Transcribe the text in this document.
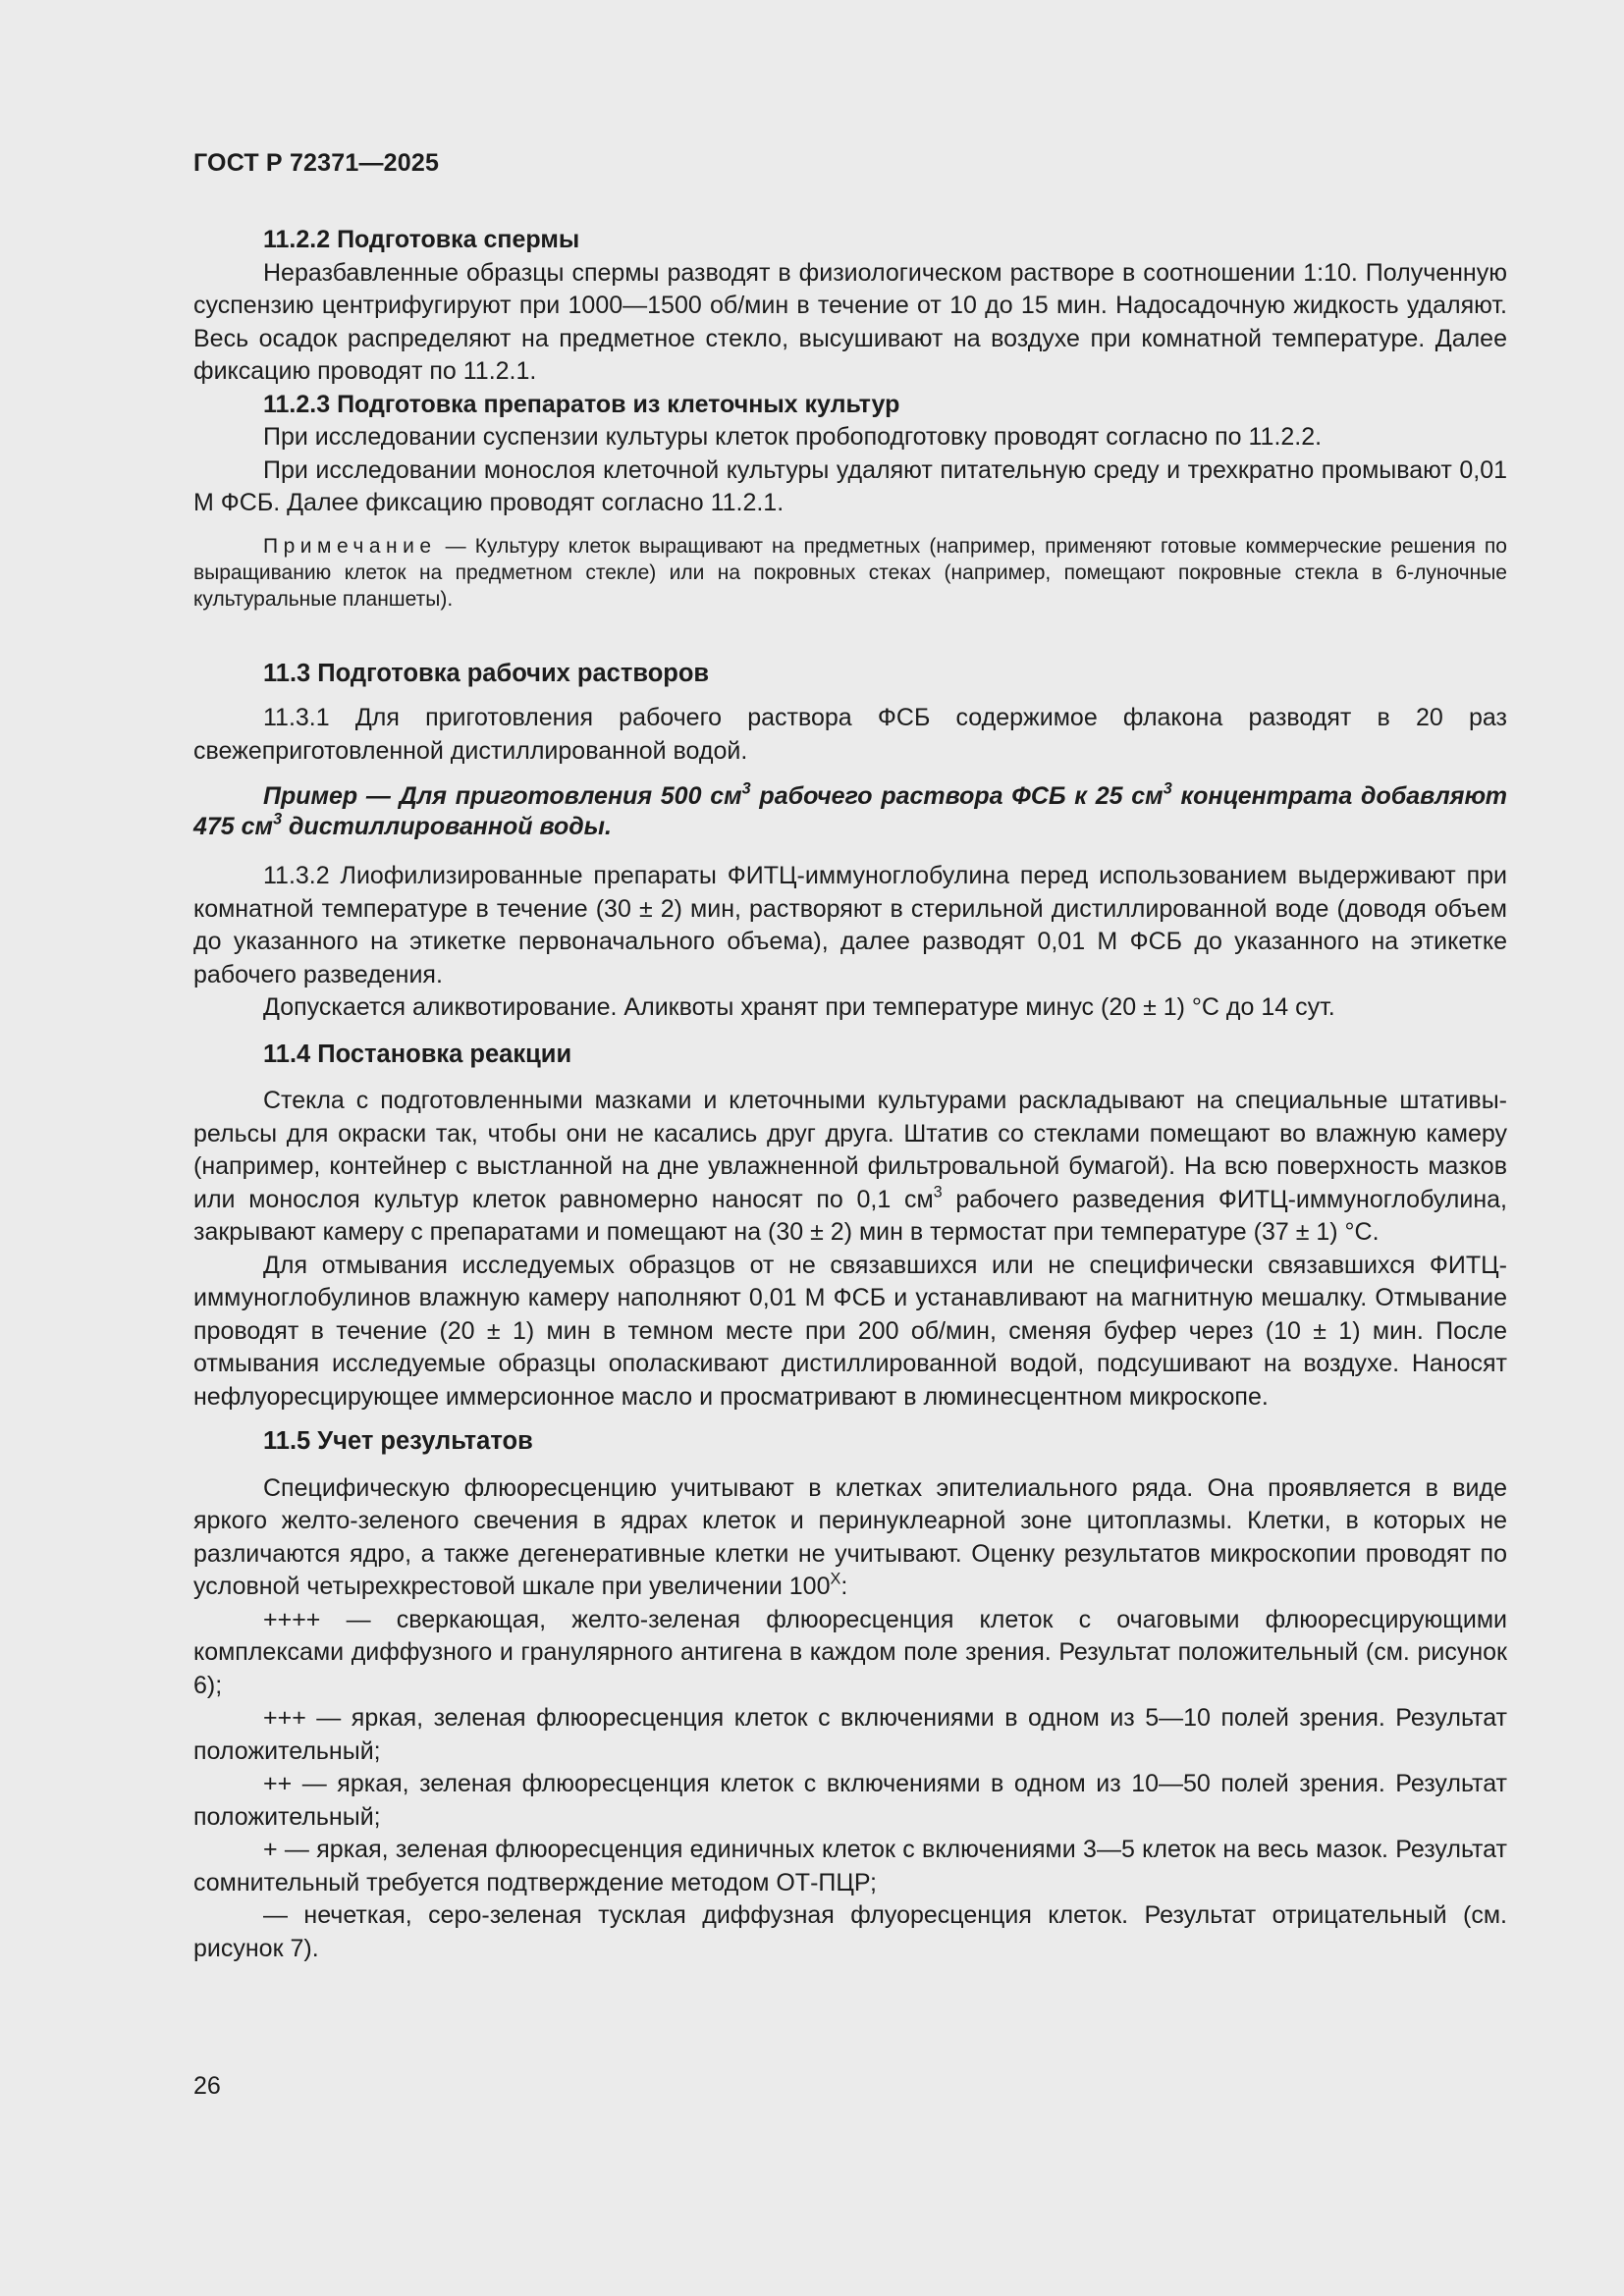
ГОСТ Р 72371—2025

11.2.2 Подготовка спермы

Неразбавленные образцы спермы разводят в физиологическом растворе в соотношении 1:10. Полученную суспензию центрифугируют при 1000—1500 об/мин в течение от 10 до 15 мин. Надосадочную жидкость удаляют. Весь осадок распределяют на предметное стекло, высушивают на воздухе при комнатной температуре. Далее фиксацию проводят по 11.2.1.

11.2.3 Подготовка препаратов из клеточных культур

При исследовании суспензии культуры клеток пробоподготовку проводят согласно по 11.2.2.

При исследовании монослоя клеточной культуры удаляют питательную среду и трехкратно промывают 0,01 М ФСБ. Далее фиксацию проводят согласно 11.2.1.

Примечание — Культуру клеток выращивают на предметных (например, применяют готовые коммерческие решения по выращиванию клеток на предметном стекле) или на покровных стеках (например, помещают покровные стекла в 6-луночные культуральные планшеты).

11.3 Подготовка рабочих растворов

11.3.1 Для приготовления рабочего раствора ФСБ содержимое флакона разводят в 20 раз свежеприготовленной дистиллированной водой.

Пример — Для приготовления 500 $см^3$ рабочего раствора ФСБ к 25 $см^3$ концентрата добавляют 475 $см^3$ дистиллированной воды.

11.3.2 Лиофилизированные препараты ФИТЦ-иммуноглобулина перед использованием выдерживают при комнатной температуре в течение (30 ± 2) мин, растворяют в стерильной дистиллированной воде (доводя объем до указанного на этикетке первоначального объема), далее разводят 0,01 М ФСБ до указанного на этикетке рабочего разведения.

Допускается аликвотирование. Аликвоты хранят при температуре минус (20 ± 1) °С до 14 сут.

11.4 Постановка реакции

Стекла с подготовленными мазками и клеточными культурами раскладывают на специальные штативы-рельсы для окраски так, чтобы они не касались друг друга. Штатив со стеклами помещают во влажную камеру (например, контейнер с выстланной на дне увлажненной фильтровальной бумагой). На всю поверхность мазков или монослоя культур клеток равномерно наносят по 0,1 $см^3$ рабочего разведения ФИТЦ-иммуноглобулина, закрывают камеру с препаратами и помещают на (30 ± 2) мин в термостат при температуре (37 ± 1) °С.

Для отмывания исследуемых образцов от не связавшихся или не специфически связавшихся ФИТЦ-иммуноглобулинов влажную камеру наполняют 0,01 М ФСБ и устанавливают на магнитную мешалку. Отмывание проводят в течение (20 ± 1) мин в темном месте при 200 об/мин, сменяя буфер через (10 ± 1) мин. После отмывания исследуемые образцы ополаскивают дистиллированной водой, подсушивают на воздухе. Наносят нефлуоресцирующее иммерсионное масло и просматривают в люминесцентном микроскопе.

11.5 Учет результатов

Специфическую флюоресценцию учитывают в клетках эпителиального ряда. Она проявляется в виде яркого желто-зеленого свечения в ядрах клеток и перинуклеарной зоне цитоплазмы. Клетки, в которых не различаются ядро, а также дегенеративные клетки не учитывают. Оценку результатов микроскопии проводят по условной четырехкрестовой шкале при увеличении $100^Х$:

++++ — сверкающая, желто-зеленая флюоресценция клеток с очаговыми флюоресцирующими комплексами диффузного и гранулярного антигена в каждом поле зрения. Результат положительный (см. рисунок 6);

+++ — яркая, зеленая флюоресценция клеток с включениями в одном из 5—10 полей зрения. Результат положительный;

++ — яркая, зеленая флюоресценция клеток с включениями в одном из 10—50 полей зрения. Результат положительный;

+ — яркая, зеленая флюоресценция единичных клеток с включениями 3—5 клеток на весь мазок. Результат сомнительный требуется подтверждение методом ОТ-ПЦР;

— нечеткая, серо-зеленая тусклая диффузная флуоресценция клеток. Результат отрицательный (см. рисунок 7).

26
